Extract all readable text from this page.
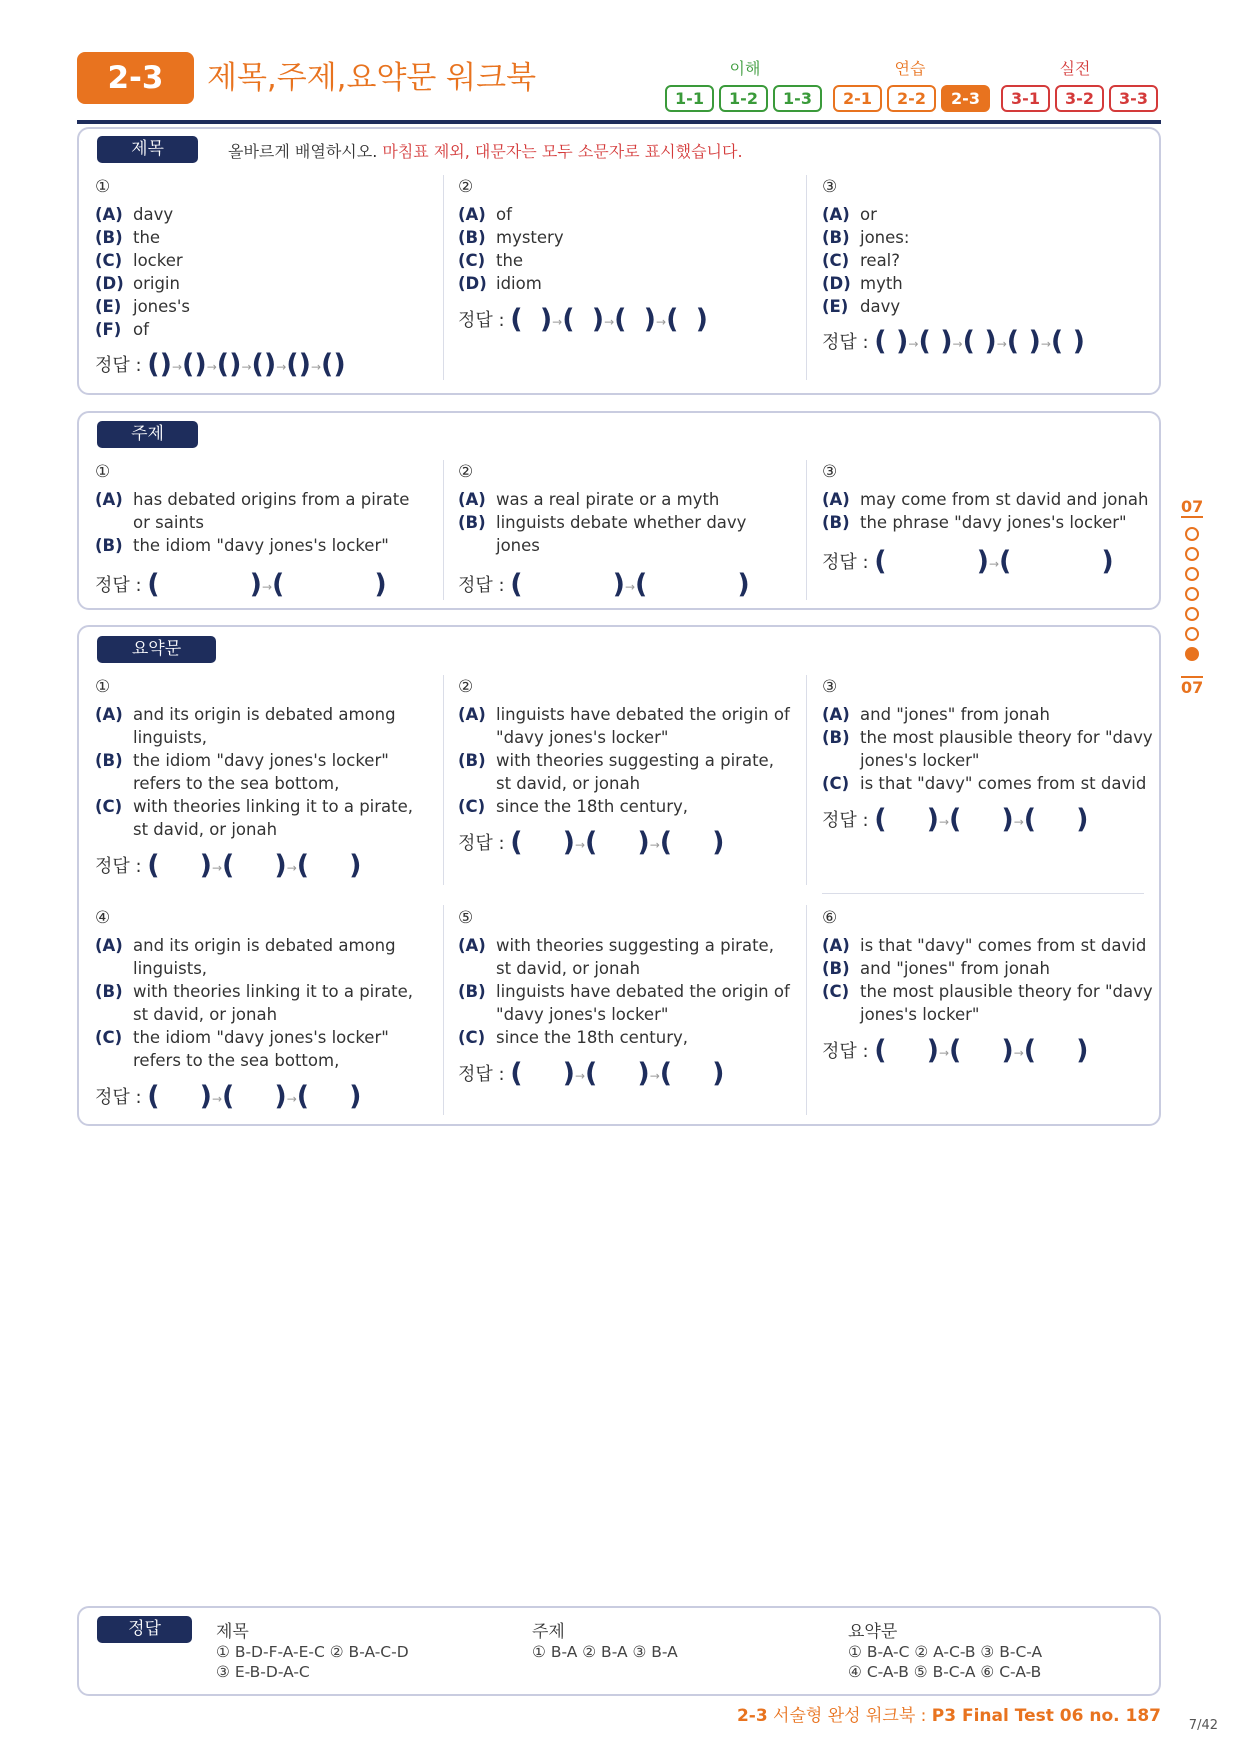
2-3	제목,주제,요약문 워크북	이해	연습	실전
1-1	1-2	1-3	2-1	2-2	2-3	3-1	3-2	3-3
제목	올바르게 배열하시오. 마침표 제외, 대문자는 모두 소문자로 표시했습니다.
①
(A) davy
(B) the
(C) locker
(D) origin
(E) jones's
(F) of
정답 : ()→()→()→()→()→()
②
(A) of
(B) mystery
(C) the
(D) idiom
정답 : ( )→( )→( )→( )
③
(A) or
(B) jones:
(C) real?
(D) myth
(E) davy
정답 : ( )→( )→( )→( )→( )
주제
①
(A) has debated origins from a pirate or saints
(B) the idiom "davy jones's locker"
정답 : (	)→(	)
②
(A) was a real pirate or a myth
(B) linguists debate whether davy jones
정답 : (	)→(	)
③
(A) may come from st david and jonah
(B) the phrase "davy jones's locker"
정답 : (	)→(	)
요약문
①
(A) and its origin is debated among linguists,
(B) the idiom "davy jones's locker" refers to the sea bottom,
(C) with theories linking it to a pirate, st david, or jonah
정답 : ( )→( )→( )
②
(A) linguists have debated the origin of "davy jones's locker"
(B) with theories suggesting a pirate, st david, or jonah
(C) since the 18th century,
정답 : ( )→( )→( )
③
(A) and "jones" from jonah
(B) the most plausible theory for "davy jones's locker"
(C) is that "davy" comes from st david
정답 : ( )→( )→( )
④
(A) and its origin is debated among linguists,
(B) with theories linking it to a pirate, st david, or jonah
(C) the idiom "davy jones's locker" refers to the sea bottom,
정답 : ( )→( )→( )
⑤
(A) with theories suggesting a pirate, st david, or jonah
(B) linguists have debated the origin of "davy jones's locker"
(C) since the 18th century,
정답 : ( )→( )→( )
⑥
(A) is that "davy" comes from st david
(B) and "jones" from jonah
(C) the most plausible theory for "davy jones's locker"
정답 : ( )→( )→( )
07
07
정답	제목
① B-D-F-A-E-C ② B-A-C-D
③ E-B-D-A-C
주제
① B-A ② B-A ③ B-A
요약문
① B-A-C ② A-C-B ③ B-C-A
④ C-A-B ⑤ B-C-A ⑥ C-A-B
2-3 서술형 완성 워크북 : P3 Final Test 06 no. 187 7/42
